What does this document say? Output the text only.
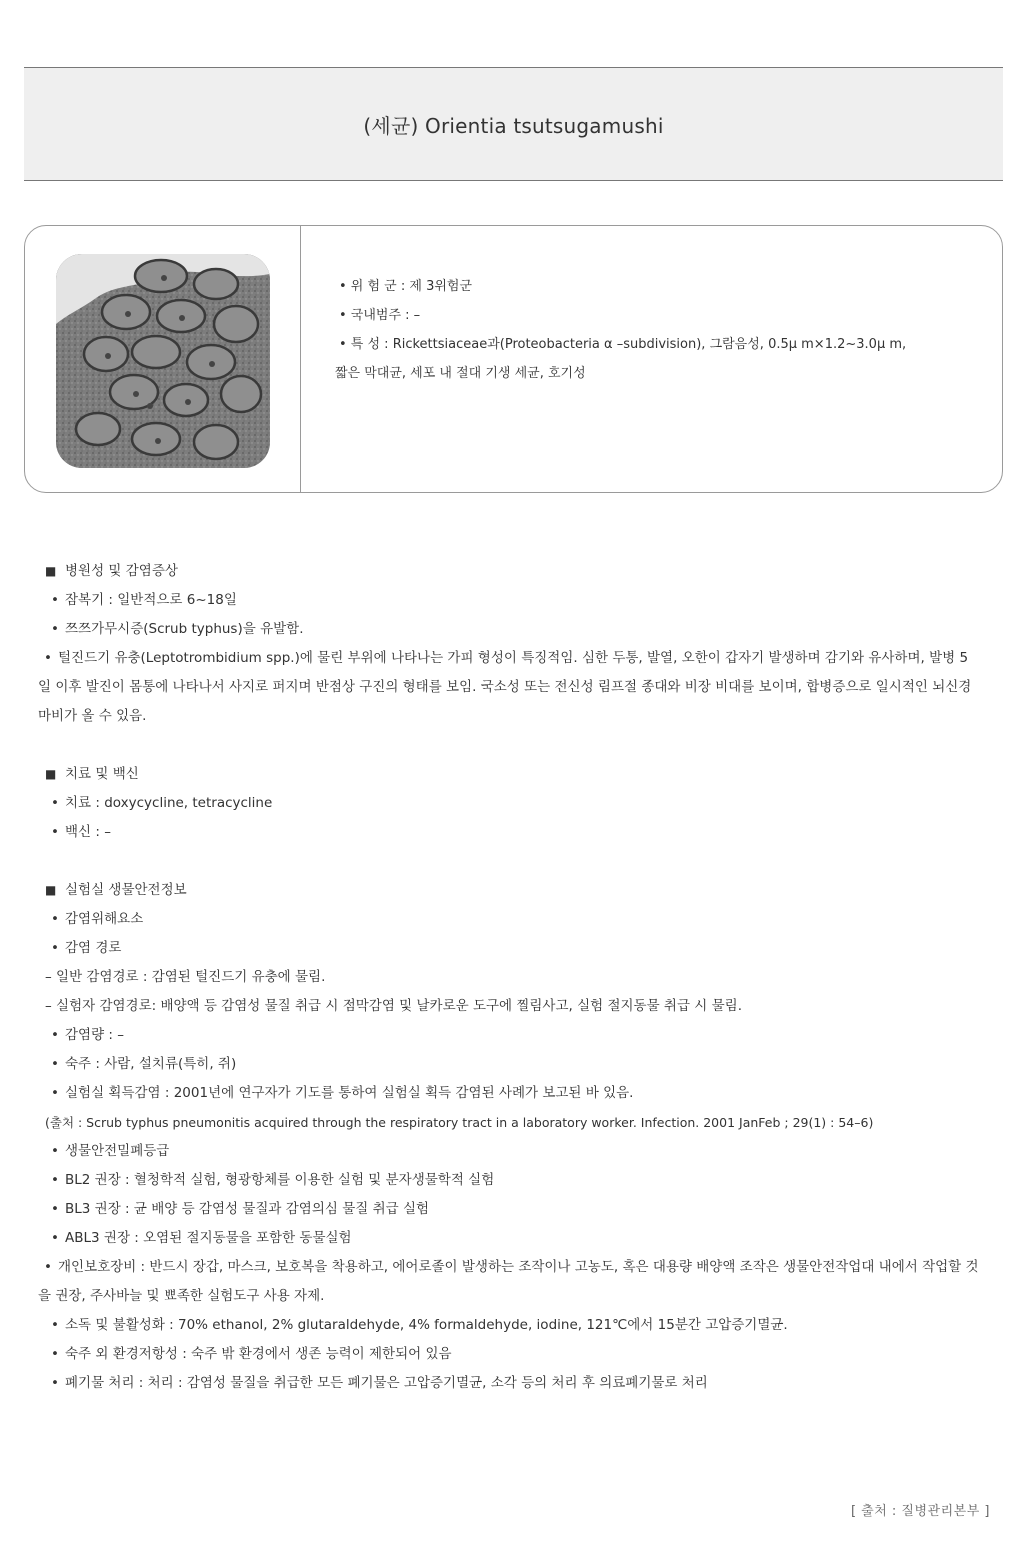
(세균) Orientia tsutsugamushi
• 위 험 군 : 제 3위험군
• 국내범주 : –
• 특 성 : Rickettsiaceae과(Proteobacteria α –subdivision), 그람음성, 0.5μ m×1.2~3.0μ m,
짧은 막대균, 세포 내 절대 기생 세균, 호기성
■ 병원성 및 감염증상
• 잠복기 : 일반적으로 6~18일
• 쯔쯔가무시증(Scrub typhus)을 유발함.
• 털진드기 유충(Leptotrombidium spp.)에 물린 부위에 나타나는 가피 형성이 특징적임. 심한 두통, 발열, 오한이 갑자기 발생하며 감기와 유사하며, 발병 5일 이후 발진이 몸통에 나타나서 사지로 퍼지며 반점상 구진의 형태를 보임. 국소성 또는 전신성 림프절 종대와 비장 비대를 보이며, 합병증으로 일시적인 뇌신경 마비가 올 수 있음.
■ 치료 및 백신
• 치료 : doxycycline, tetracycline
• 백신 : –
■ 실험실 생물안전정보
• 감염위해요소
• 감염 경로
– 일반 감염경로 : 감염된 털진드기 유충에 물림.
– 실험자 감염경로: 배양액 등 감염성 물질 취급 시 점막감염 및 날카로운 도구에 찔림사고, 실험 절지동물 취급 시 물림.
• 감염량 : –
• 숙주 : 사람, 설치류(특히, 쥐)
• 실험실 획득감염 : 2001년에 연구자가 기도를 통하여 실험실 획득 감염된 사례가 보고된 바 있음.
(출처 : Scrub typhus pneumonitis acquired through the respiratory tract in a laboratory worker. Infection. 2001 JanFeb ; 29(1) : 54–6)
• 생물안전밀폐등급
• BL2 권장 : 혈청학적 실험, 형광항체를 이용한 실험 및 분자생물학적 실험
• BL3 권장 : 균 배양 등 감염성 물질과 감염의심 물질 취급 실험
• ABL3 권장 : 오염된 절지동물을 포함한 동물실험
• 개인보호장비 : 반드시 장갑, 마스크, 보호복을 착용하고, 에어로졸이 발생하는 조작이나 고농도, 혹은 대용량 배양액 조작은 생물안전작업대 내에서 작업할 것을 권장, 주사바늘 및 뾰족한 실험도구 사용 자제.
• 소독 및 불활성화 : 70% ethanol, 2% glutaraldehyde, 4% formaldehyde, iodine, 121℃에서 15분간 고압증기멸균.
• 숙주 외 환경저항성 : 숙주 밖 환경에서 생존 능력이 제한되어 있음
• 폐기물 처리 : 처리 : 감염성 물질을 취급한 모든 폐기물은 고압증기멸균, 소각 등의 처리 후 의료폐기물로 처리
[ 출처 : 질병관리본부 ]
